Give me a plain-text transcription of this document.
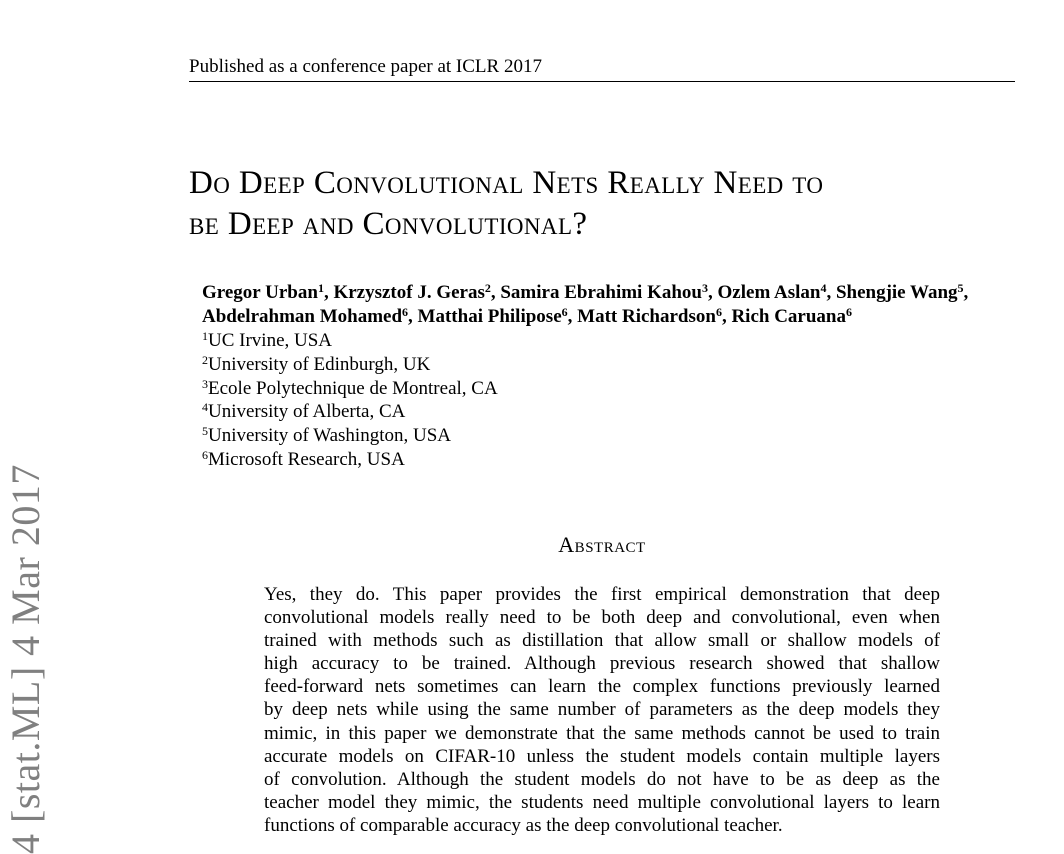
Published as a conference paper at ICLR 2017
Do Deep Convolutional Nets Really Need to
be Deep and Convolutional?
Gregor Urban$^1$, Krzysztof J. Geras$^2$, Samira Ebrahimi Kahou$^3$, Ozlem Aslan$^4$, Shengjie Wang$^5$,
Abdelrahman Mohamed$^6$, Matthai Philipose$^6$, Matt Richardson$^6$, Rich Caruana$^6$
$^1$UC Irvine, USA
$^2$University of Edinburgh, UK
$^3$Ecole Polytechnique de Montreal, CA
$^4$University of Alberta, CA
$^5$University of Washington, USA
$^6$Microsoft Research, USA
Abstract
Yes, they do. This paper provides the first empirical demonstration that deep
convolutional models really need to be both deep and convolutional, even when
trained with methods such as distillation that allow small or shallow models of
high accuracy to be trained. Although previous research showed that shallow
feed-forward nets sometimes can learn the complex functions previously learned
by deep nets while using the same number of parameters as the deep models they
mimic, in this paper we demonstrate that the same methods cannot be used to train
accurate models on CIFAR-10 unless the student models contain multiple layers
of convolution. Although the student models do not have to be as deep as the
teacher model they mimic, the students need multiple convolutional layers to learn
functions of comparable accuracy as the deep convolutional teacher.
4 [stat.ML] 4 Mar 2017
